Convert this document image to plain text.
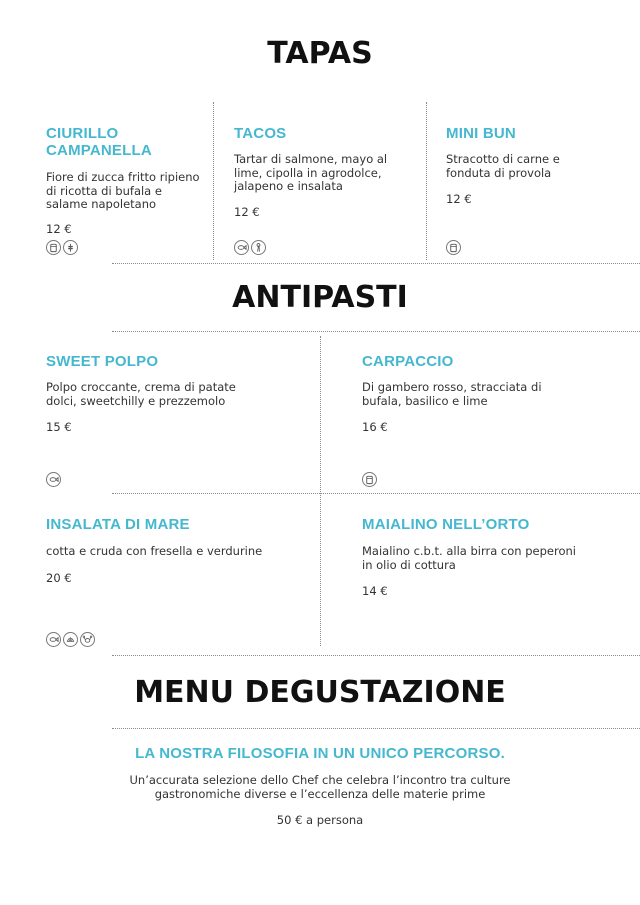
TAPAS
CIURILLO CAMPANELLA
Fiore di zucca fritto ripieno di ricotta di bufala e salame napoletano
12 €
TACOS
Tartar di salmone, mayo al lime, cipolla in agrodolce, jalapeno e insalata
12 €
MINI BUN
Stracotto di carne e fonduta di provola
12 €
ANTIPASTI
SWEET POLPO
Polpo croccante, crema di patate dolci, sweetchilly e prezzemolo
15 €
CARPACCIO
Di gambero rosso, stracciata di bufala, basilico e lime
16 €
INSALATA DI MARE
cotta e cruda con fresella e verdurine
20 €
MAIALINO NELL’ORTO
Maialino c.b.t. alla birra con peperoni in olio di cottura
14 €
MENU DEGUSTAZIONE
LA NOSTRA FILOSOFIA IN UN UNICO PERCORSO.
Un’accurata selezione dello Chef che celebra l’incontro tra culture gastronomiche diverse e l’eccellenza delle materie prime
50 € a persona
